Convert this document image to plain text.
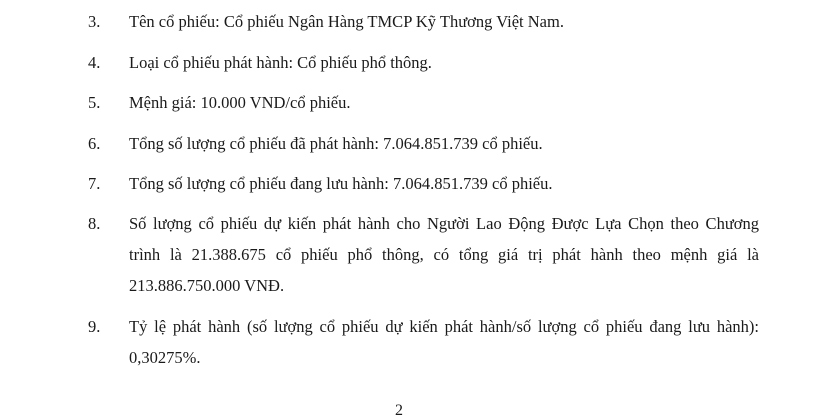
3. Tên cổ phiếu: Cổ phiếu Ngân Hàng TMCP Kỹ Thương Việt Nam.
4. Loại cổ phiếu phát hành: Cổ phiếu phổ thông.
5. Mệnh giá: 10.000 VND/cổ phiếu.
6. Tổng số lượng cổ phiếu đã phát hành: 7.064.851.739 cổ phiếu.
7. Tổng số lượng cổ phiếu đang lưu hành: 7.064.851.739 cổ phiếu.
8. Số lượng cổ phiếu dự kiến phát hành cho Người Lao Động Được Lựa Chọn theo Chương
trình là 21.388.675 cổ phiếu phổ thông, có tổng giá trị phát hành theo mệnh giá là
213.886.750.000 VNĐ.
9. Tỷ lệ phát hành (số lượng cổ phiếu dự kiến phát hành/số lượng cổ phiếu đang lưu hành):
0,30275%.
2
